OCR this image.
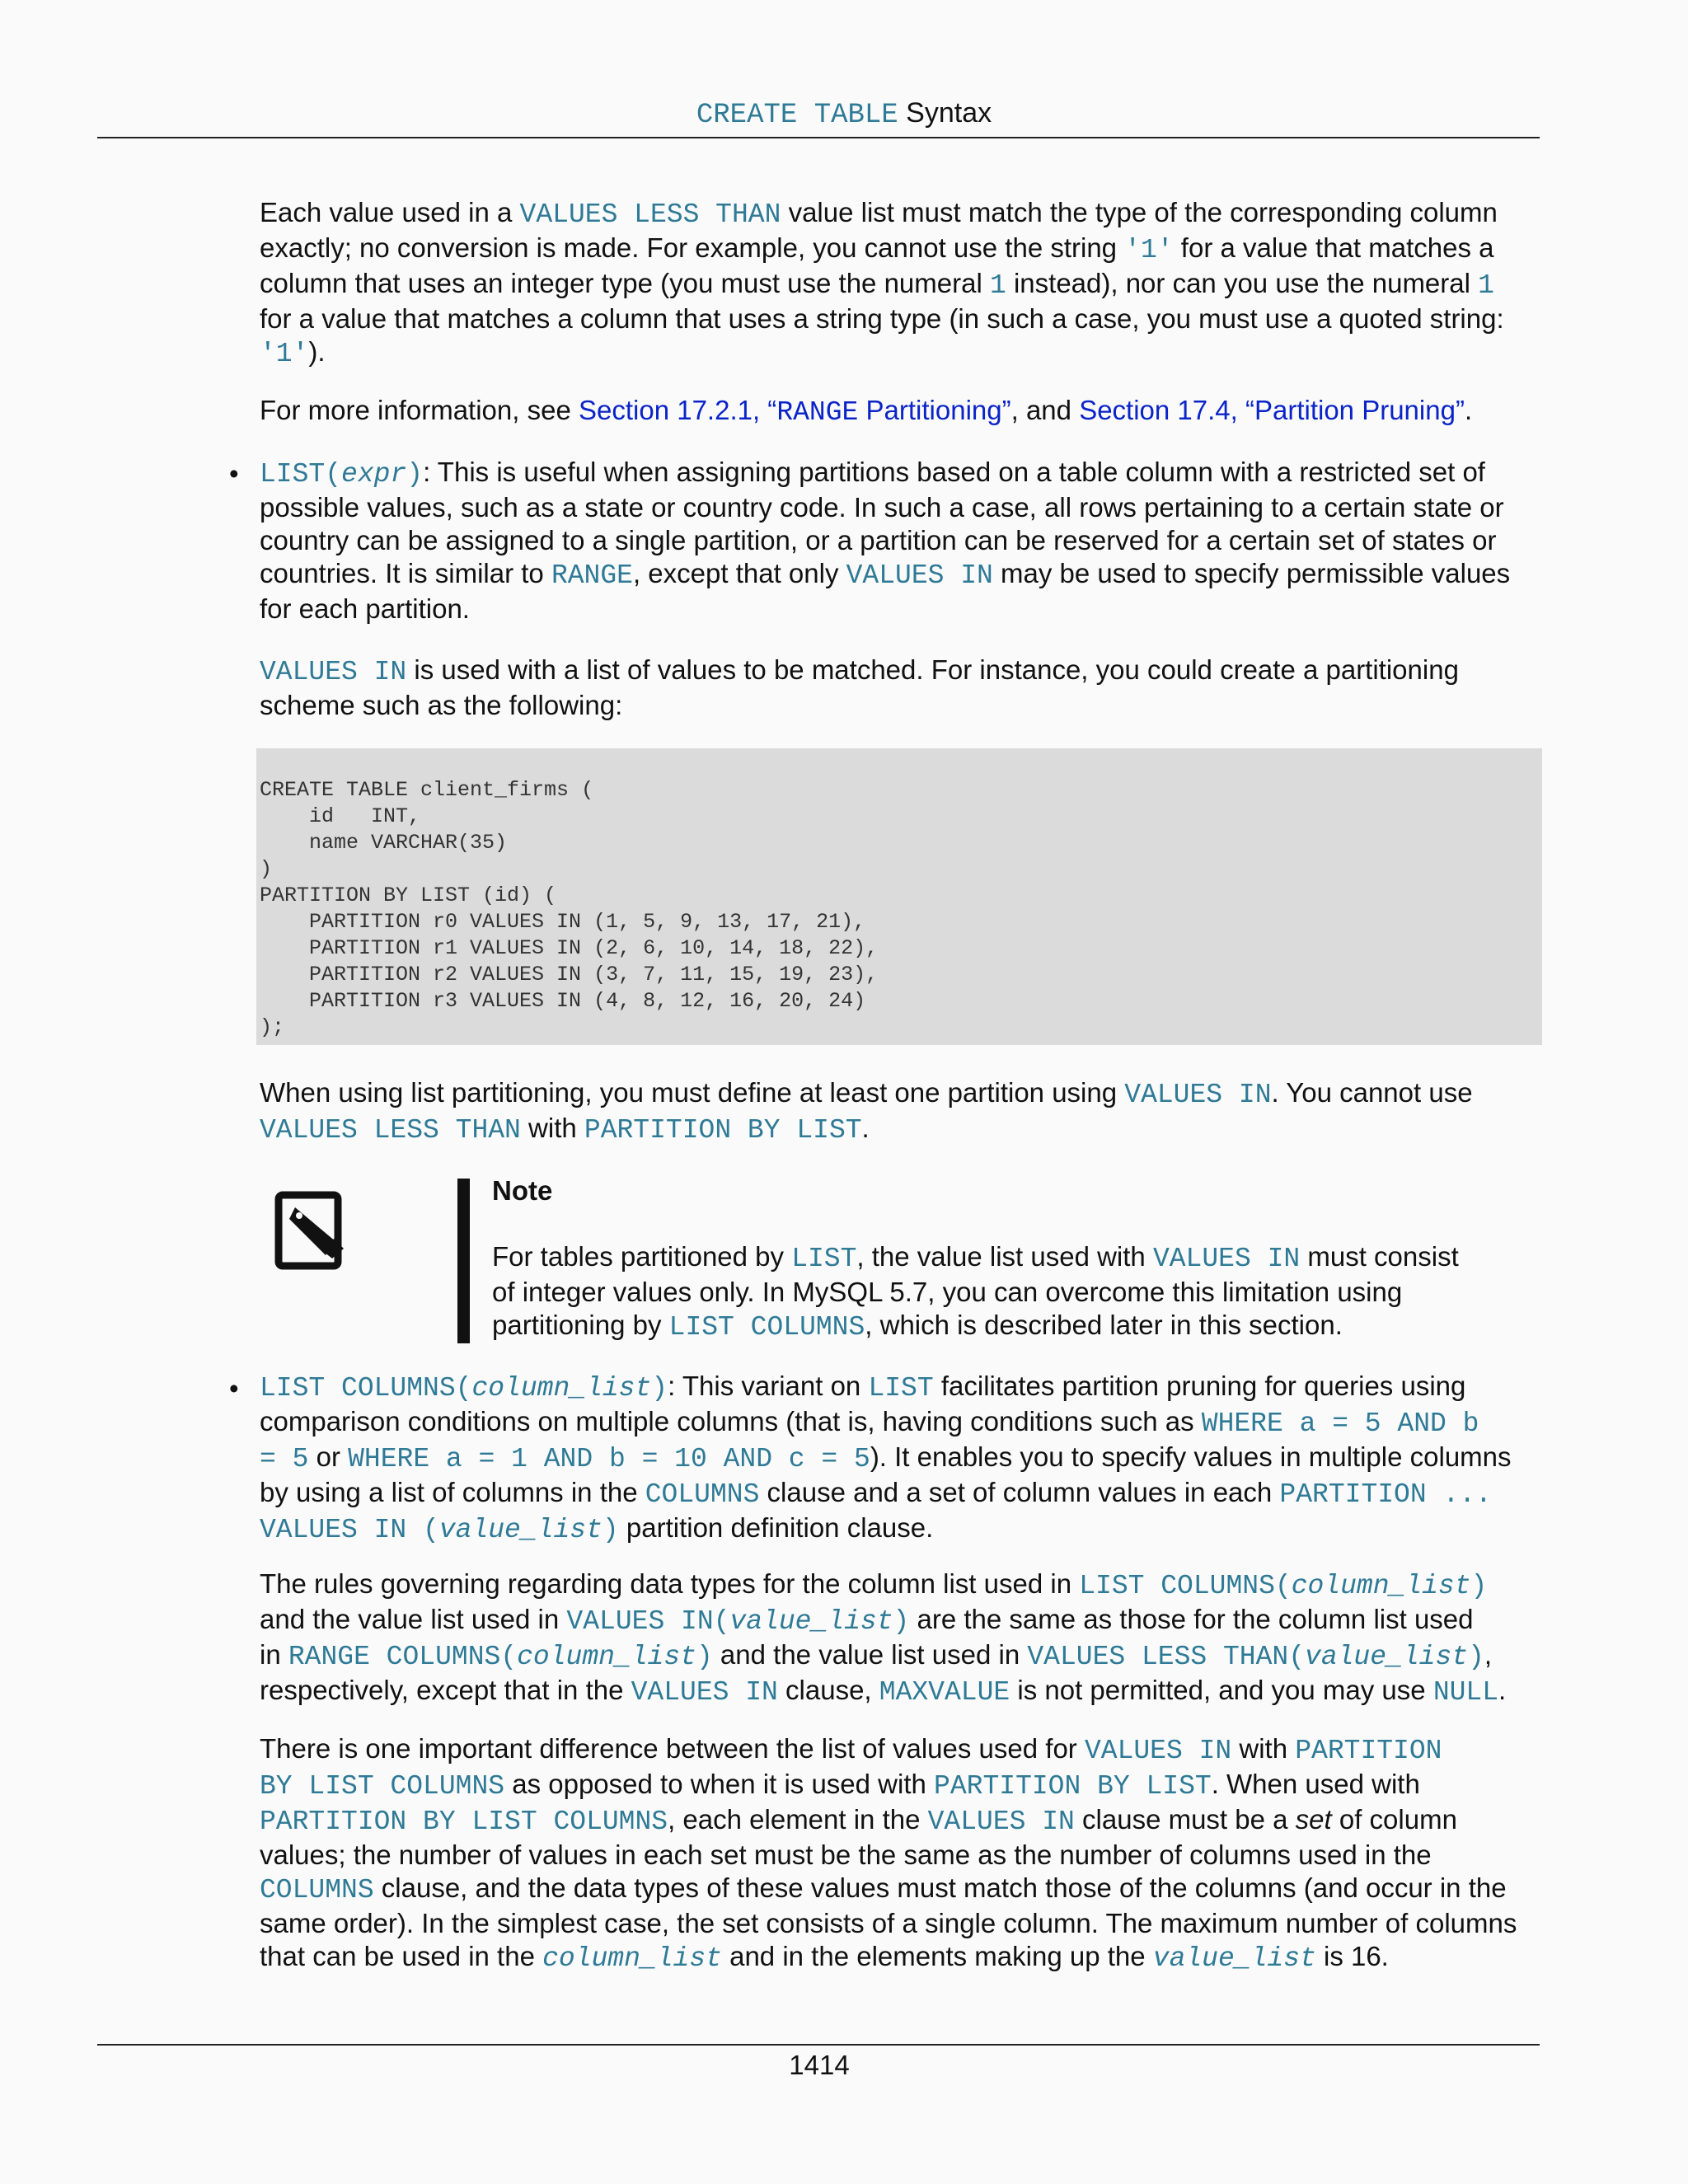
CREATE TABLE Syntax
Each value used in a VALUES LESS THAN value list must match the type of the corresponding column
exactly; no conversion is made. For example, you cannot use the string '1' for a value that matches a
column that uses an integer type (you must use the numeral 1 instead), nor can you use the numeral 1
for a value that matches a column that uses a string type (in such a case, you must use a quoted string:
'1').
For more information, see Section 17.2.1, “RANGE Partitioning”, and Section 17.4, “Partition Pruning”.
• LIST(expr): This is useful when assigning partitions based on a table column with a restricted set of
possible values, such as a state or country code. In such a case, all rows pertaining to a certain state or
country can be assigned to a single partition, or a partition can be reserved for a certain set of states or
countries. It is similar to RANGE, except that only VALUES IN may be used to specify permissible values
for each partition.
VALUES IN is used with a list of values to be matched. For instance, you could create a partitioning
scheme such as the following:
CREATE TABLE client_firms (
id   INT,
name VARCHAR(35)
)
PARTITION BY LIST (id) (
PARTITION r0 VALUES IN (1, 5, 9, 13, 17, 21),
PARTITION r1 VALUES IN (2, 6, 10, 14, 18, 22),
PARTITION r2 VALUES IN (3, 7, 11, 15, 19, 23),
PARTITION r3 VALUES IN (4, 8, 12, 16, 20, 24)
);
When using list partitioning, you must define at least one partition using VALUES IN. You cannot use
VALUES LESS THAN with PARTITION BY LIST.
Note
For tables partitioned by LIST, the value list used with VALUES IN must consist
of integer values only. In MySQL 5.7, you can overcome this limitation using
partitioning by LIST COLUMNS, which is described later in this section.
• LIST COLUMNS(column_list): This variant on LIST facilitates partition pruning for queries using
comparison conditions on multiple columns (that is, having conditions such as WHERE a = 5 AND b
= 5 or WHERE a = 1 AND b = 10 AND c = 5). It enables you to specify values in multiple columns
by using a list of columns in the COLUMNS clause and a set of column values in each PARTITION ...
VALUES IN (value_list) partition definition clause.
The rules governing regarding data types for the column list used in LIST COLUMNS(column_list)
and the value list used in VALUES IN(value_list) are the same as those for the column list used
in RANGE COLUMNS(column_list) and the value list used in VALUES LESS THAN(value_list),
respectively, except that in the VALUES IN clause, MAXVALUE is not permitted, and you may use NULL.
There is one important difference between the list of values used for VALUES IN with PARTITION
BY LIST COLUMNS as opposed to when it is used with PARTITION BY LIST. When used with
PARTITION BY LIST COLUMNS, each element in the VALUES IN clause must be a set of column
values; the number of values in each set must be the same as the number of columns used in the
COLUMNS clause, and the data types of these values must match those of the columns (and occur in the
same order). In the simplest case, the set consists of a single column. The maximum number of columns
that can be used in the column_list and in the elements making up the value_list is 16.
1414
